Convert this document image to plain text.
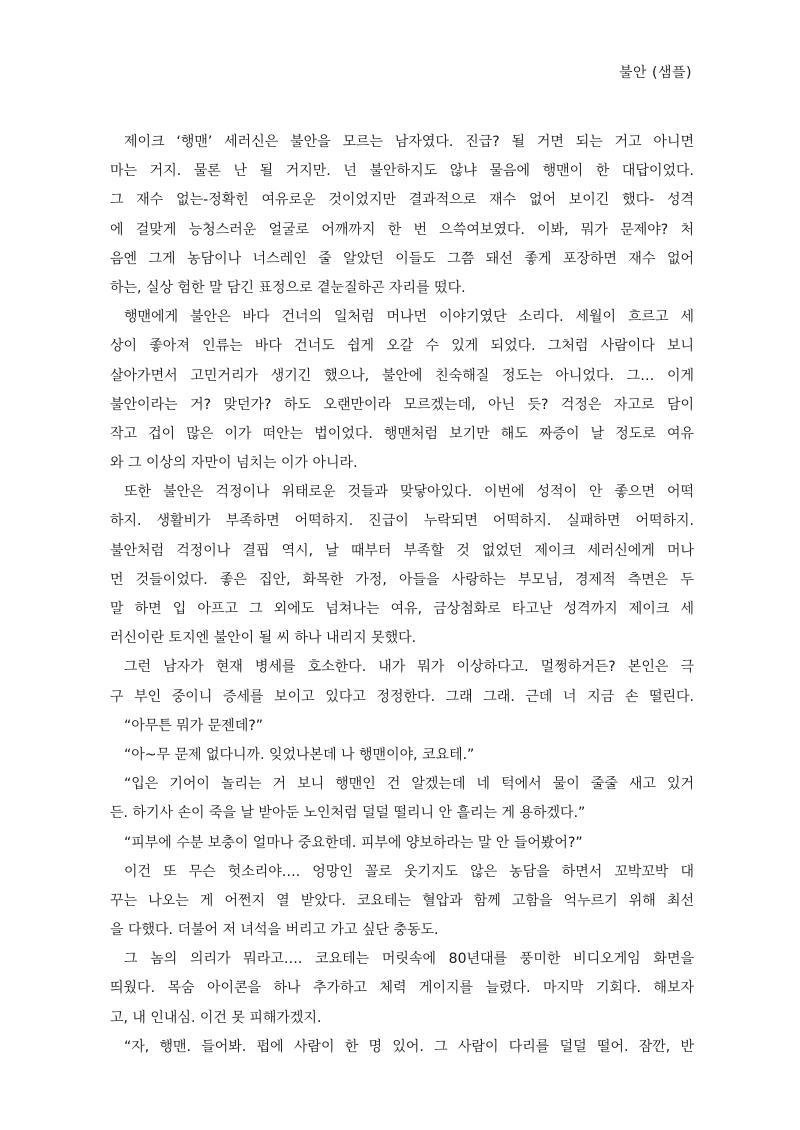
불안 (샘플)
제이크 ‘행맨’ 세러신은 불안을 모르는 남자였다. 진급? 될 거면 되는 거고 아니면
마는 거지. 물론 난 될 거지만. 넌 불안하지도 않냐 물음에 행맨이 한 대답이었다.
그 재수 없는-정확힌 여유로운 것이었지만 결과적으로 재수 없어 보이긴 했다- 성격
에 걸맞게 능청스러운 얼굴로 어깨까지 한 번 으쓱여보였다. 이봐, 뭐가 문제야? 처
음엔 그게 농담이나 너스레인 줄 알았던 이들도 그쯤 돼선 좋게 포장하면 재수 없어
하는, 실상 험한 말 담긴 표정으로 곁눈질하곤 자리를 떴다.
행맨에게 불안은 바다 건너의 일처럼 머나먼 이야기였단 소리다. 세월이 흐르고 세
상이 좋아져 인류는 바다 건너도 쉽게 오갈 수 있게 되었다. 그처럼 사람이다 보니
살아가면서 고민거리가 생기긴 했으나, 불안에 친숙해질 정도는 아니었다. 그… 이게
불안이라는 거? 맞던가? 하도 오랜만이라 모르겠는데, 아닌 듯? 걱정은 자고로 담이
작고 겁이 많은 이가 떠안는 법이었다. 행맨처럼 보기만 해도 짜증이 날 정도로 여유
와 그 이상의 자만이 넘치는 이가 아니라.
또한 불안은 걱정이나 위태로운 것들과 맞닿아있다. 이번에 성적이 안 좋으면 어떡
하지. 생활비가 부족하면 어떡하지. 진급이 누락되면 어떡하지. 실패하면 어떡하지.
불안처럼 걱정이나 결핍 역시, 날 때부터 부족할 것 없었던 제이크 세러신에게 머나
먼 것들이었다. 좋은 집안, 화목한 가정, 아들을 사랑하는 부모님, 경제적 측면은 두
말 하면 입 아프고 그 외에도 넘쳐나는 여유, 금상첨화로 타고난 성격까지 제이크 세
러신이란 토지엔 불안이 될 씨 하나 내리지 못했다.
그런 남자가 현재 병세를 호소한다. 내가 뭐가 이상하다고. 멀쩡하거든? 본인은 극
구 부인 중이니 증세를 보이고 있다고 정정한다. 그래 그래. 근데 너 지금 손 떨린다.
“아무튼 뭐가 문젠데?”
“아~무 문제 없다니까. 잊었나본데 나 행맨이야, 코요테.”
“입은 기어이 놀리는 거 보니 행맨인 건 알겠는데 네 턱에서 물이 줄줄 새고 있거
든. 하기사 손이 죽을 날 받아둔 노인처럼 덜덜 떨리니 안 흘리는 게 용하겠다.”
“피부에 수분 보충이 얼마나 중요한데. 피부에 양보하라는 말 안 들어봤어?”
이건 또 무슨 헛소리야…. 엉망인 꼴로 웃기지도 않은 농담을 하면서 꼬박꼬박 대
꾸는 나오는 게 어쩐지 열 받았다. 코요테는 혈압과 함께 고함을 억누르기 위해 최선
을 다했다. 더불어 저 녀석을 버리고 가고 싶단 충동도.
그 놈의 의리가 뭐라고…. 코요테는 머릿속에 80년대를 풍미한 비디오게임 화면을
띄웠다. 목숨 아이콘을 하나 추가하고 체력 게이지를 늘렸다. 마지막 기회다. 해보자
고, 내 인내심. 이건 못 피해가겠지.
“자, 행맨. 들어봐. 펍에 사람이 한 명 있어. 그 사람이 다리를 덜덜 떨어. 잠깐, 반
